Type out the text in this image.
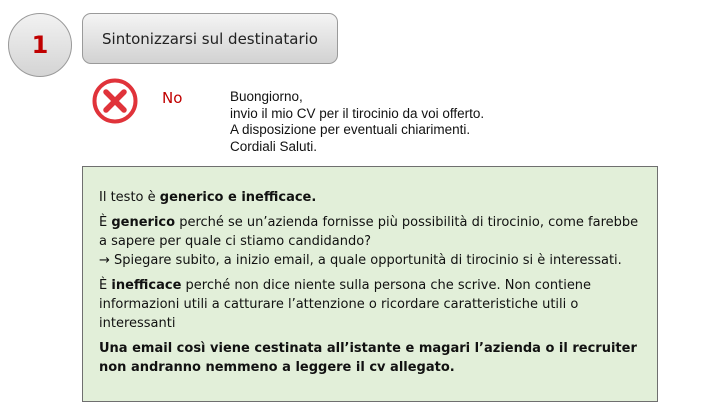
1	Sintonizzarsi sul destinatario
No	Buongiorno,
invio il mio CV per il tirocinio da voi offerto.
A disposizione per eventuali chiarimenti.
Cordiali Saluti.

Il testo è generico e inefficace.

È generico perché se un’azienda fornisse più possibilità di tirocinio, come farebbe a sapere per quale ci stiamo candidando?
→ Spiegare subito, a inizio email, a quale opportunità di tirocinio si è interessati.

È inefficace perché non dice niente sulla persona che scrive. Non contiene informazioni utili a catturare l’attenzione o ricordare caratteristiche utili o interessanti

Una email così viene cestinata all’istante e magari l’azienda o il recruiter non andranno nemmeno a leggere il cv allegato.
